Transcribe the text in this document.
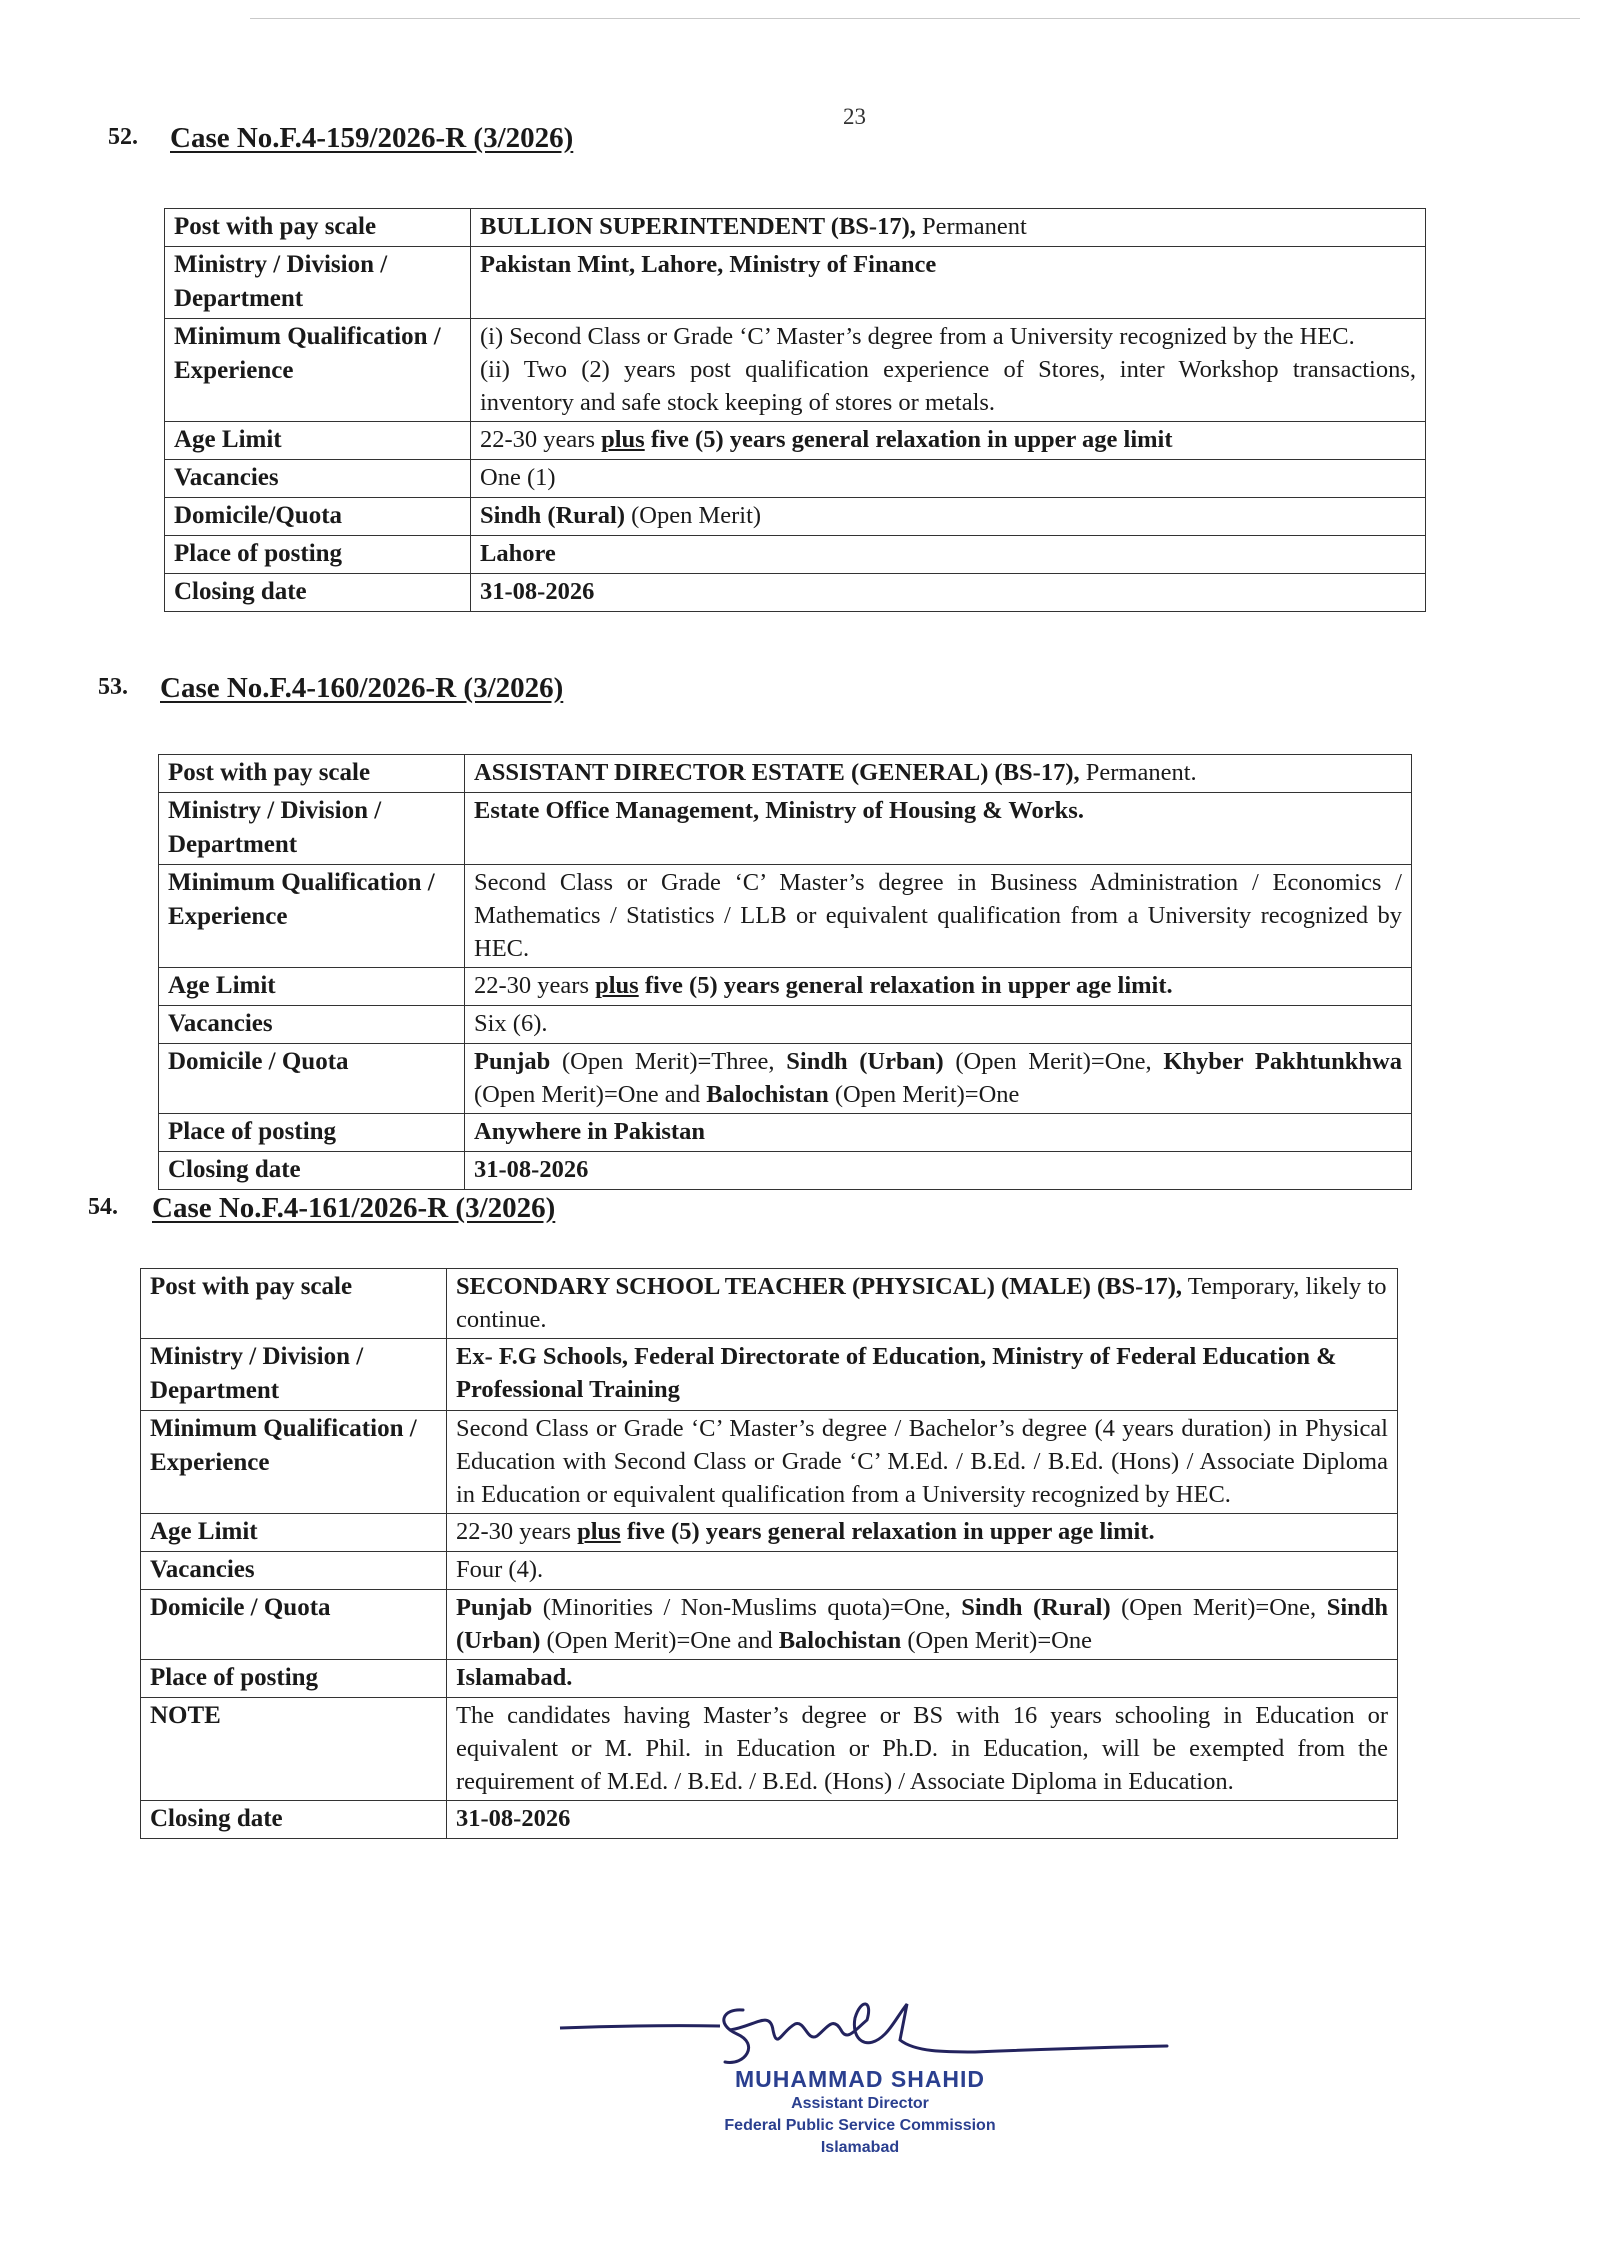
23
52. Case No.F.4-159/2026-R (3/2026)
Post with pay scale	BULLION SUPERINTENDENT (BS-17), Permanent
Ministry / Division / Department	Pakistan Mint, Lahore, Ministry of Finance
Minimum Qualification / Experience	(i) Second Class or Grade ‘C’ Master’s degree from a University recognized by the HEC.
(ii) Two (2) years post qualification experience of Stores, inter Workshop transactions, inventory and safe stock keeping of stores or metals.

Age Limit	22-30 years plus five (5) years general relaxation in upper age limit
Vacancies	One (1)
Domicile/Quota	Sindh (Rural) (Open Merit)
Place of posting	Lahore
Closing date	31-08-2026
53. Case No.F.4-160/2026-R (3/2026)
Post with pay scale	ASSISTANT DIRECTOR ESTATE (GENERAL) (BS-17), Permanent.
Ministry / Division / Department	Estate Office Management, Ministry of Housing & Works.
Minimum Qualification / Experience	Second Class or Grade ‘C’ Master’s degree in Business Administration / Economics / Mathematics / Statistics / LLB or equivalent qualification from a University recognized by HEC.
Age Limit	22-30 years plus five (5) years general relaxation in upper age limit.
Vacancies	Six (6).
Domicile / Quota	Punjab (Open Merit)=Three, Sindh (Urban) (Open Merit)=One, Khyber Pakhtunkhwa (Open Merit)=One and Balochistan (Open Merit)=One
Place of posting	Anywhere in Pakistan
Closing date	31-08-2026
54. Case No.F.4-161/2026-R (3/2026)
Post with pay scale	SECONDARY SCHOOL TEACHER (PHYSICAL) (MALE) (BS-17), Temporary, likely to continue.
Ministry / Division / Department	Ex- F.G Schools, Federal Directorate of Education, Ministry of Federal Education & Professional Training
Minimum Qualification / Experience	Second Class or Grade ‘C’ Master’s degree / Bachelor’s degree (4 years duration) in Physical Education with Second Class or Grade ‘C’ M.Ed. / B.Ed. / B.Ed. (Hons) / Associate Diploma in Education or equivalent qualification from a University recognized by HEC.
Age Limit	22-30 years plus five (5) years general relaxation in upper age limit.
Vacancies	Four (4).
Domicile / Quota	Punjab (Minorities / Non-Muslims quota)=One, Sindh (Rural) (Open Merit)=One, Sindh (Urban) (Open Merit)=One and Balochistan (Open Merit)=One
Place of posting	Islamabad.
NOTE	The candidates having Master’s degree or BS with 16 years schooling in Education or equivalent or M. Phil. in Education or Ph.D. in Education, will be exempted from the requirement of M.Ed. / B.Ed. / B.Ed. (Hons) / Associate Diploma in Education.
Closing date	31-08-2026
MUHAMMAD SHAHID
Assistant Director
Federal Public Service Commission
Islamabad
